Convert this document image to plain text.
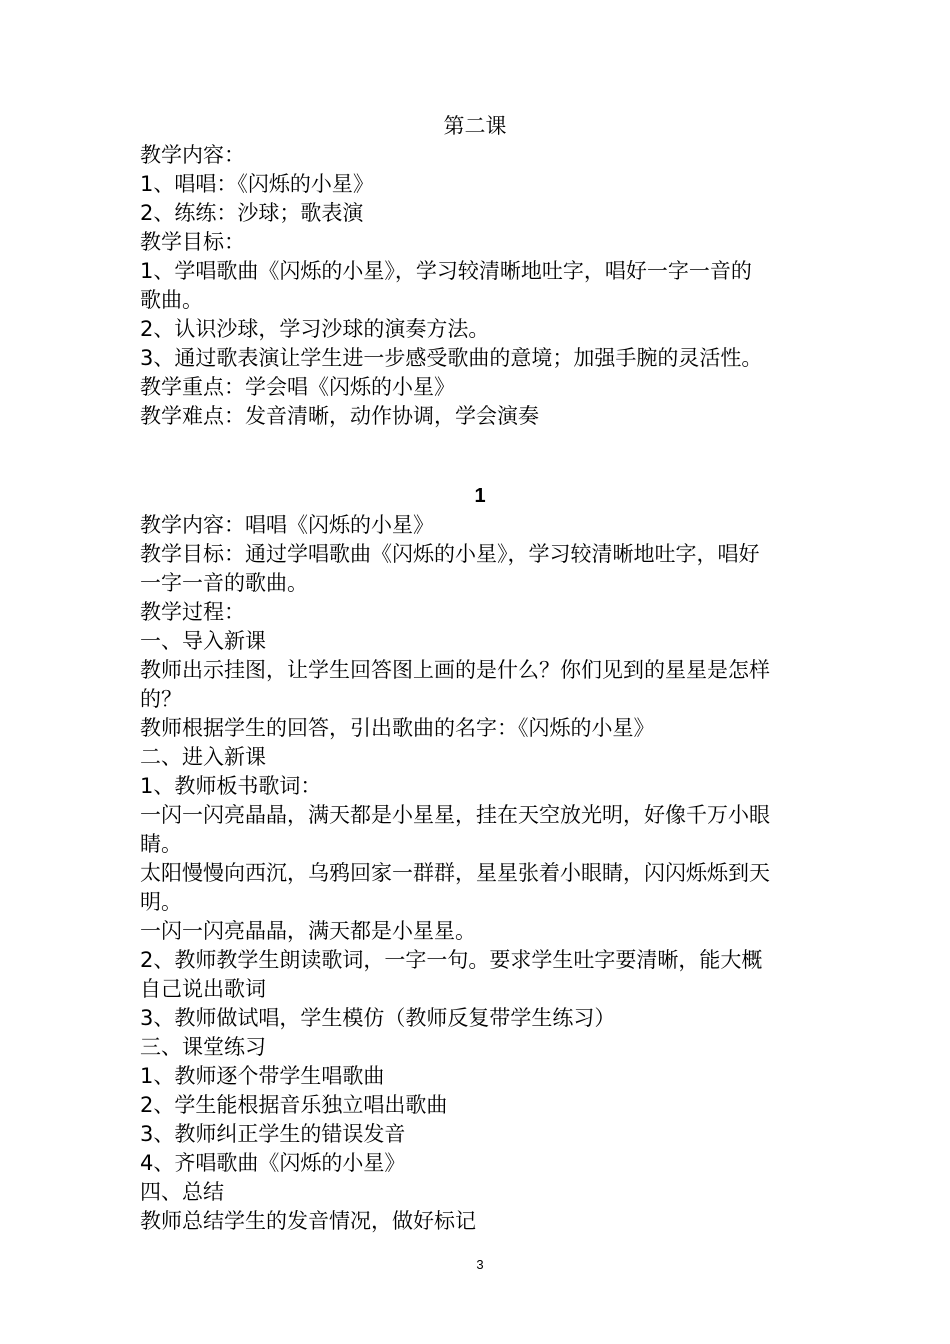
第二课
教学内容：
1、唱唱：《闪烁的小星》
2、练练：沙球；歌表演
教学目标：
1、学唱歌曲《闪烁的小星》，学习较清晰地吐字，唱好一字一音的
歌曲。
2、认识沙球，学习沙球的演奏方法。
3、通过歌表演让学生进一步感受歌曲的意境；加强手腕的灵活性。
教学重点：学会唱《闪烁的小星》
教学难点：发音清晰，动作协调，学会演奏
1
教学内容：唱唱《闪烁的小星》
教学目标：通过学唱歌曲《闪烁的小星》，学习较清晰地吐字，唱好
一字一音的歌曲。
教学过程：
一、导入新课
教师出示挂图，让学生回答图上画的是什么？你们见到的星星是怎样
的？
教师根据学生的回答，引出歌曲的名字：《闪烁的小星》
二、进入新课
1、教师板书歌词：
一闪一闪亮晶晶，满天都是小星星，挂在天空放光明，好像千万小眼
睛。
太阳慢慢向西沉，乌鸦回家一群群，星星张着小眼睛，闪闪烁烁到天
明。
一闪一闪亮晶晶，满天都是小星星。
2、教师教学生朗读歌词，一字一句。要求学生吐字要清晰，能大概
自己说出歌词
3、教师做试唱，学生模仿（教师反复带学生练习）
三、课堂练习
1、教师逐个带学生唱歌曲
2、学生能根据音乐独立唱出歌曲
3、教师纠正学生的错误发音
4、齐唱歌曲《闪烁的小星》
四、总结
教师总结学生的发音情况，做好标记
3
